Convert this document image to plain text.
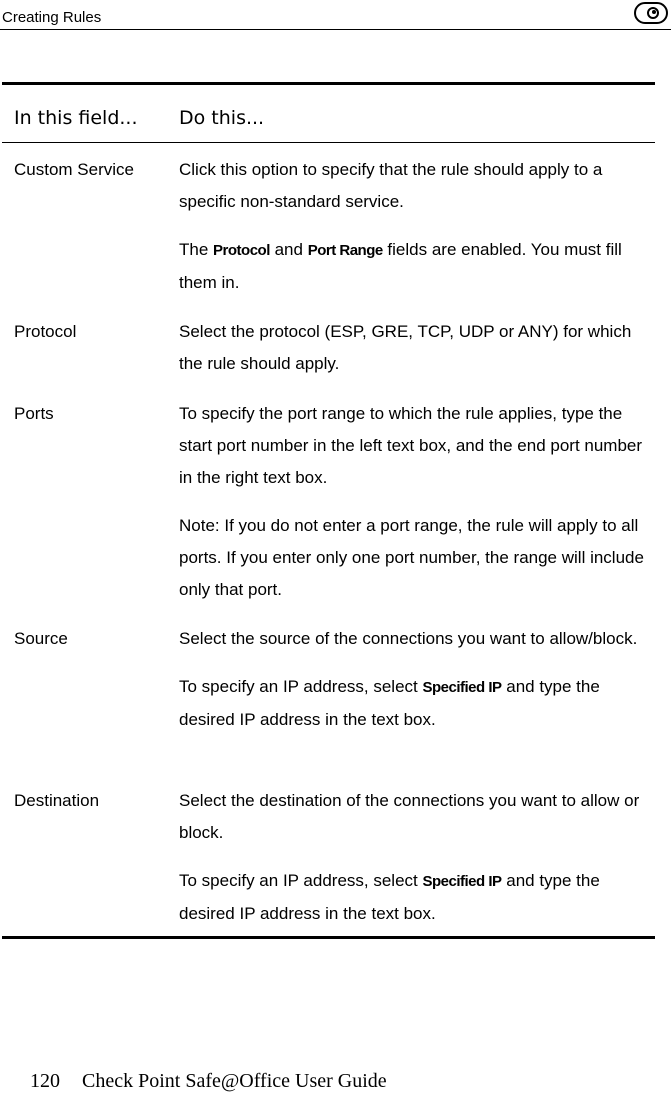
Creating Rules
In this field... Do this...
Custom Service	Click this option to specify that the rule should apply to a specific non-standard service.

The Protocol and Port Range fields are enabled. You must fill them in.

Protocol	Select the protocol (ESP, GRE, TCP, UDP or ANY) for which the rule should apply.

Ports	To specify the port range to which the rule applies, type the start port number in the left text box, and the end port number in the right text box.

Note: If you do not enter a port range, the rule will apply to all ports. If you enter only one port number, the range will include only that port.

Source	Select the source of the connections you want to allow/block.

To specify an IP address, select Specified IP and type the desired IP address in the text box.

Destination	Select the destination of the connections you want to allow or block.

To specify an IP address, select Specified IP and type the desired IP address in the text box.

120 Check Point Safe@Office User Guide
